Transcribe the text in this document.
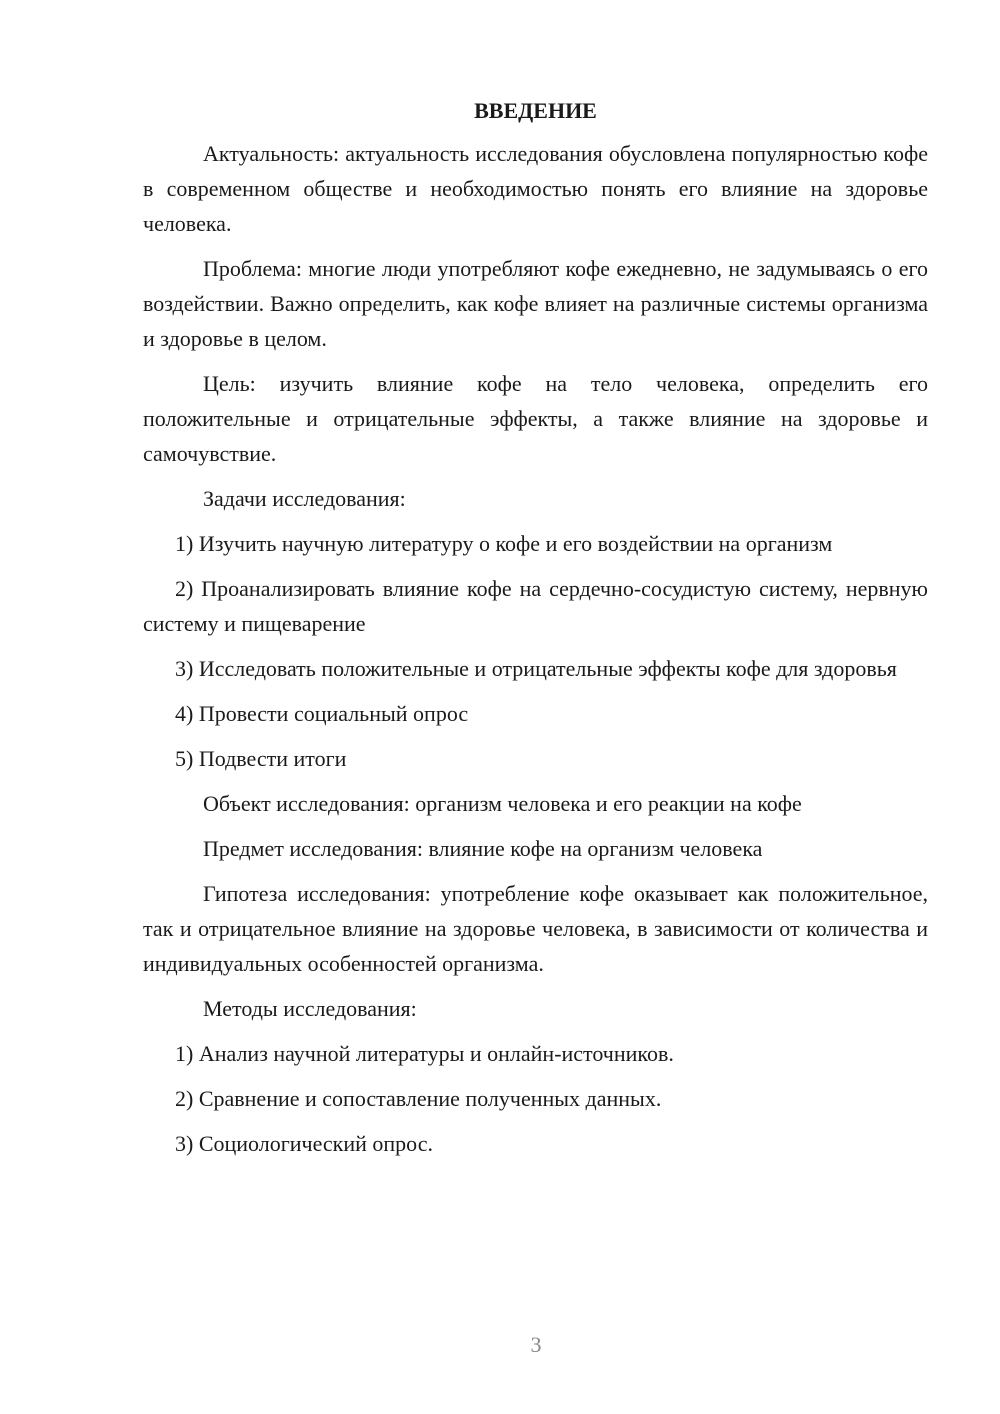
ВВЕДЕНИЕ

Актуальность: актуальность исследования обусловлена популярностью кофе в современном обществе и необходимостью понять его влияние на здоровье человека.

Проблема: многие люди употребляют кофе ежедневно, не задумываясь о его воздействии. Важно определить, как кофе влияет на различные системы организма и здоровье в целом.

Цель: изучить влияние кофе на тело человека, определить его положительные и отрицательные эффекты, а также влияние на здоровье и самочувствие.

Задачи исследования:

1) Изучить научную литературу о кофе и его воздействии на организм

2) Проанализировать влияние кофе на сердечно-сосудистую систему, нервную систему и пищеварение

3) Исследовать положительные и отрицательные эффекты кофе для здоровья

4) Провести социальный опрос

5) Подвести итоги

Объект исследования: организм человека и его реакции на кофе

Предмет исследования: влияние кофе на организм человека

Гипотеза исследования: употребление кофе оказывает как положительное, так и отрицательное влияние на здоровье человека, в зависимости от количества и индивидуальных особенностей организма.

Методы исследования:

1) Анализ научной литературы и онлайн-источников.

2) Сравнение и сопоставление полученных данных.

3) Социологический опрос.

3
